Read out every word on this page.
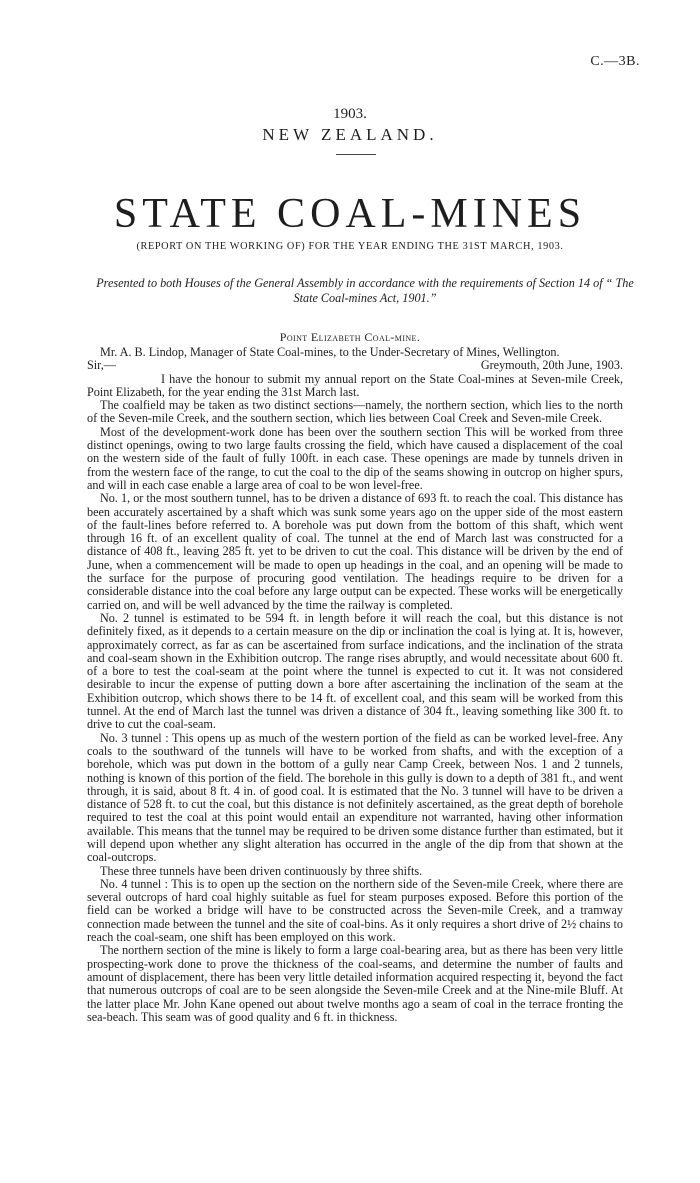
C.—3B.
1903.
NEW ZEALAND.
STATE COAL-MINES
(REPORT ON THE WORKING OF) FOR THE YEAR ENDING THE 31ST MARCH, 1903.
Presented to both Houses of the General Assembly in accordance with the requirements of Section 14 of “ The State Coal-mines Act, 1901.”
Point Elizabeth Coal-mine.

Mr. A. B. Lindop, Manager of State Coal-mines, to the Under-Secretary of Mines, Wellington.

Sir,—	Greymouth, 20th June, 1903.

I have the honour to submit my annual report on the State Coal-mines at Seven-mile Creek, Point Elizabeth, for the year ending the 31st March last.

The coalfield may be taken as two distinct sections—namely, the northern section, which lies to the north of the Seven-mile Creek, and the southern section, which lies between Coal Creek and Seven-mile Creek.

Most of the development-work done has been over the southern section This will be worked from three distinct openings, owing to two large faults crossing the field, which have caused a displacement of the coal on the western side of the fault of fully 100ft. in each case. These openings are made by tunnels driven in from the western face of the range, to cut the coal to the dip of the seams showing in outcrop on higher spurs, and will in each case enable a large area of coal to be won level-free.

No. 1, or the most southern tunnel, has to be driven a distance of 693 ft. to reach the coal. This distance has been accurately ascertained by a shaft which was sunk some years ago on the upper side of the most eastern of the fault-lines before referred to. A borehole was put down from the bottom of this shaft, which went through 16 ft. of an excellent quality of coal. The tunnel at the end of March last was constructed for a distance of 408 ft., leaving 285 ft. yet to be driven to cut the coal. This distance will be driven by the end of June, when a commencement will be made to open up headings in the coal, and an opening will be made to the surface for the purpose of procuring good ventilation. The headings require to be driven for a considerable distance into the coal before any large output can be expected. These works will be energetically carried on, and will be well advanced by the time the railway is completed.

No. 2 tunnel is estimated to be 594 ft. in length before it will reach the coal, but this distance is not definitely fixed, as it depends to a certain measure on the dip or inclination the coal is lying at. It is, however, approximately correct, as far as can be ascertained from surface indications, and the inclination of the strata and coal-seam shown in the Exhibition outcrop. The range rises abruptly, and would necessitate about 600 ft. of a bore to test the coal-seam at the point where the tunnel is expected to cut it. It was not considered desirable to incur the expense of putting down a bore after ascertaining the inclination of the seam at the Exhibition outcrop, which shows there to be 14 ft. of excellent coal, and this seam will be worked from this tunnel. At the end of March last the tunnel was driven a distance of 304 ft., leaving something like 300 ft. to drive to cut the coal-seam.

No. 3 tunnel : This opens up as much of the western portion of the field as can be worked level-free. Any coals to the southward of the tunnels will have to be worked from shafts, and with the exception of a borehole, which was put down in the bottom of a gully near Camp Creek, between Nos. 1 and 2 tunnels, nothing is known of this portion of the field. The borehole in this gully is down to a depth of 381 ft., and went through, it is said, about 8 ft. 4 in. of good coal. It is estimated that the No. 3 tunnel will have to be driven a distance of 528 ft. to cut the coal, but this distance is not definitely ascertained, as the great depth of borehole required to test the coal at this point would entail an expenditure not warranted, having other information available. This means that the tunnel may be required to be driven some distance further than estimated, but it will depend upon whether any slight alteration has occurred in the angle of the dip from that shown at the coal-outcrops.

These three tunnels have been driven continuously by three shifts.

No. 4 tunnel : This is to open up the section on the northern side of the Seven-mile Creek, where there are several outcrops of hard coal highly suitable as fuel for steam purposes exposed. Before this portion of the field can be worked a bridge will have to be constructed across the Seven-mile Creek, and a tramway connection made between the tunnel and the site of coal-bins. As it only requires a short drive of 2½ chains to reach the coal-seam, one shift has been employed on this work.

The northern section of the mine is likely to form a large coal-bearing area, but as there has been very little prospecting-work done to prove the thickness of the coal-seams, and determine the number of faults and amount of displacement, there has been very little detailed information acquired respecting it, beyond the fact that numerous outcrops of coal are to be seen alongside the Seven-mile Creek and at the Nine-mile Bluff. At the latter place Mr. John Kane opened out about twelve months ago a seam of coal in the terrace fronting the sea-beach. This seam was of good quality and 6 ft. in thickness.
